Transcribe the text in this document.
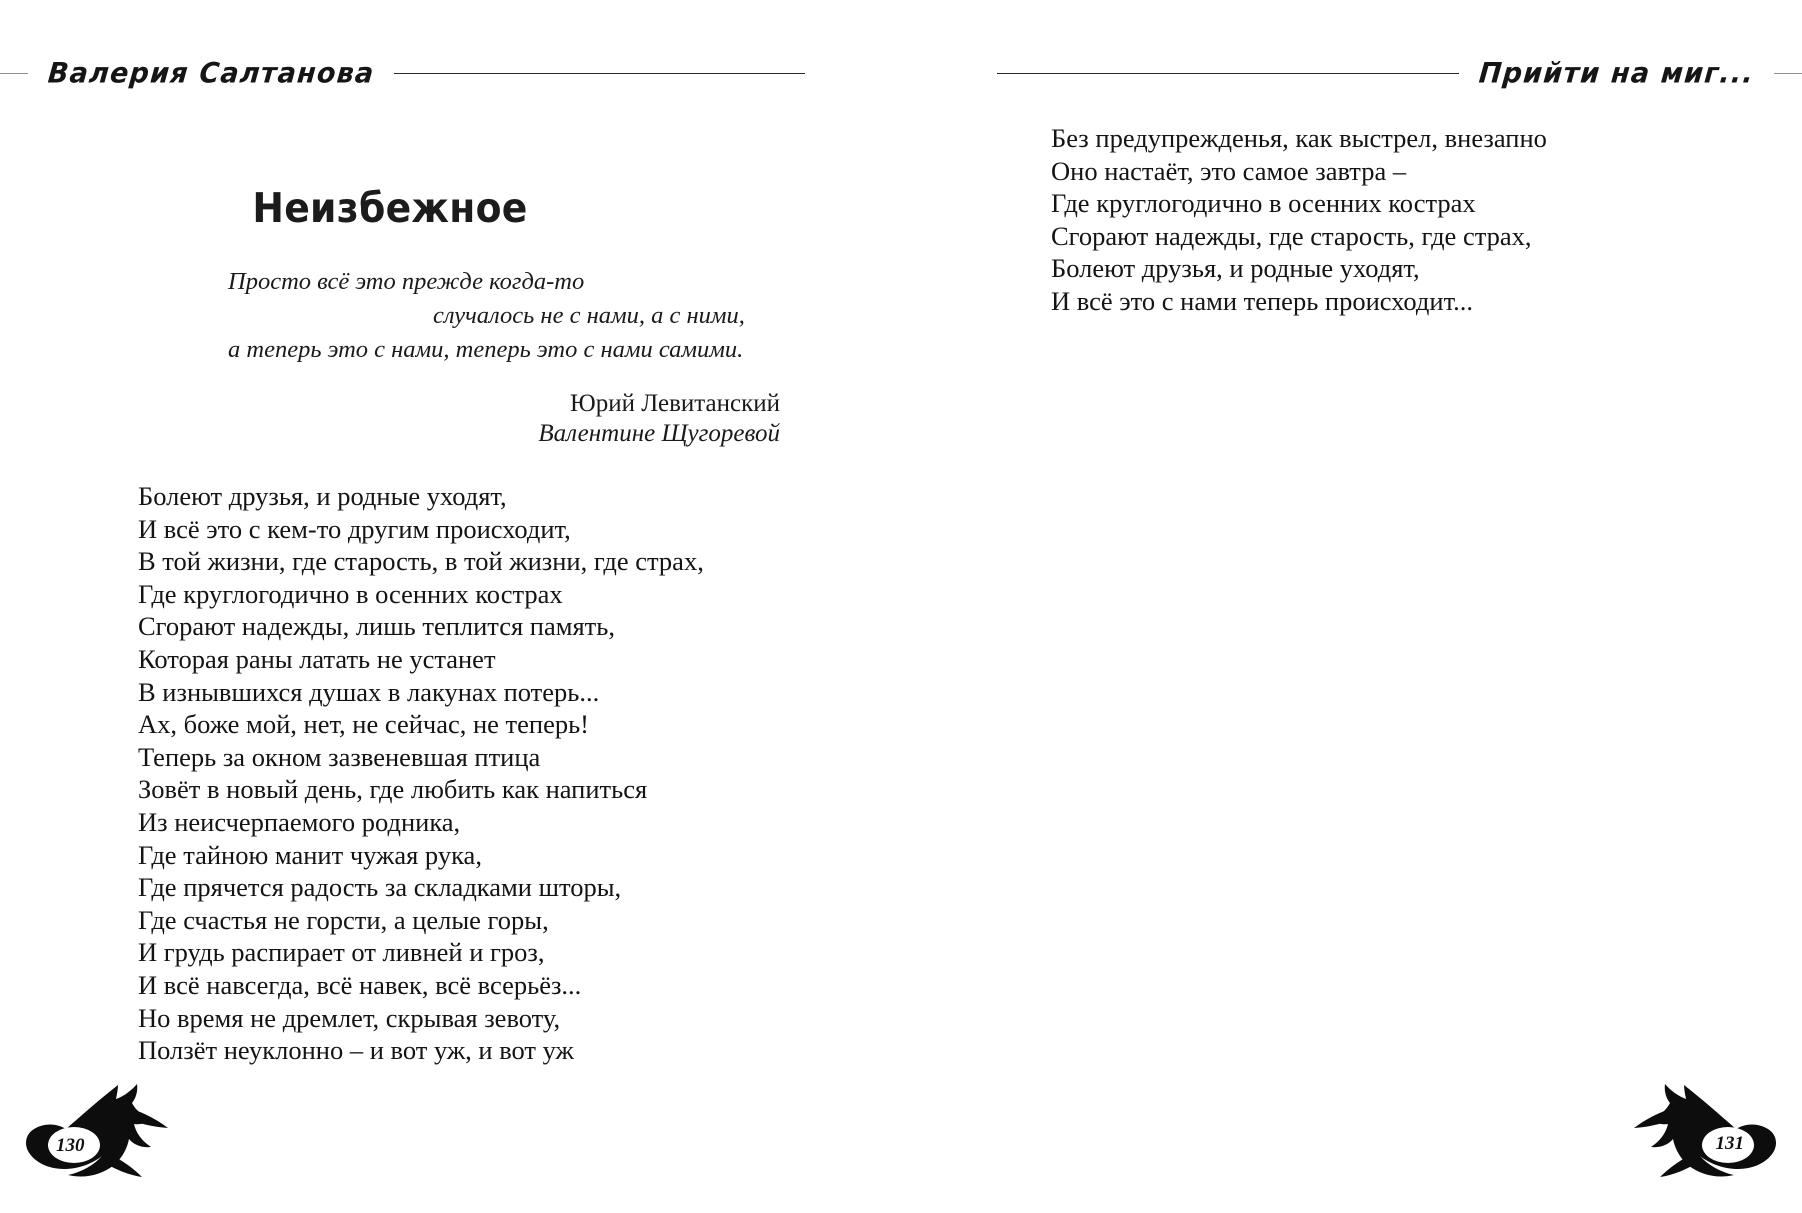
Валерия Салтанова
Неизбежное
Просто всё это прежде когда-то
случалось не с нами, а с ними,
а теперь это с нами, теперь это с нами самими.
Юрий Левитанский
Валентине Щугоревой
Болеют друзья, и родные уходят,
И всё это с кем-то другим происходит,
В той жизни, где старость, в той жизни, где страх,
Где круглогодично в осенних кострах
Сгорают надежды, лишь теплится память,
Которая раны латать не устанет
В изнывшихся душах в лакунах потерь...
Ах, боже мой, нет, не сейчас, не теперь!
Теперь за окном зазвеневшая птица
Зовёт в новый день, где любить как напиться
Из неисчерпаемого родника,
Где тайною манит чужая рука,
Где прячется радость за складками шторы,
Где счастья не горсти, а целые горы,
И грудь распирает от ливней и гроз,
И всё навсегда, всё навек, всё всерьёз...
Но время не дремлет, скрывая зевоту,
Ползёт неуклонно – и вот уж, и вот уж
130
Прийти на миг...
Без предупрежденья, как выстрел, внезапно
Оно настаёт, это самое завтра –
Где круглогодично в осенних кострах
Сгорают надежды, где старость, где страх,
Болеют друзья, и родные уходят,
И всё это с нами теперь происходит...
131
